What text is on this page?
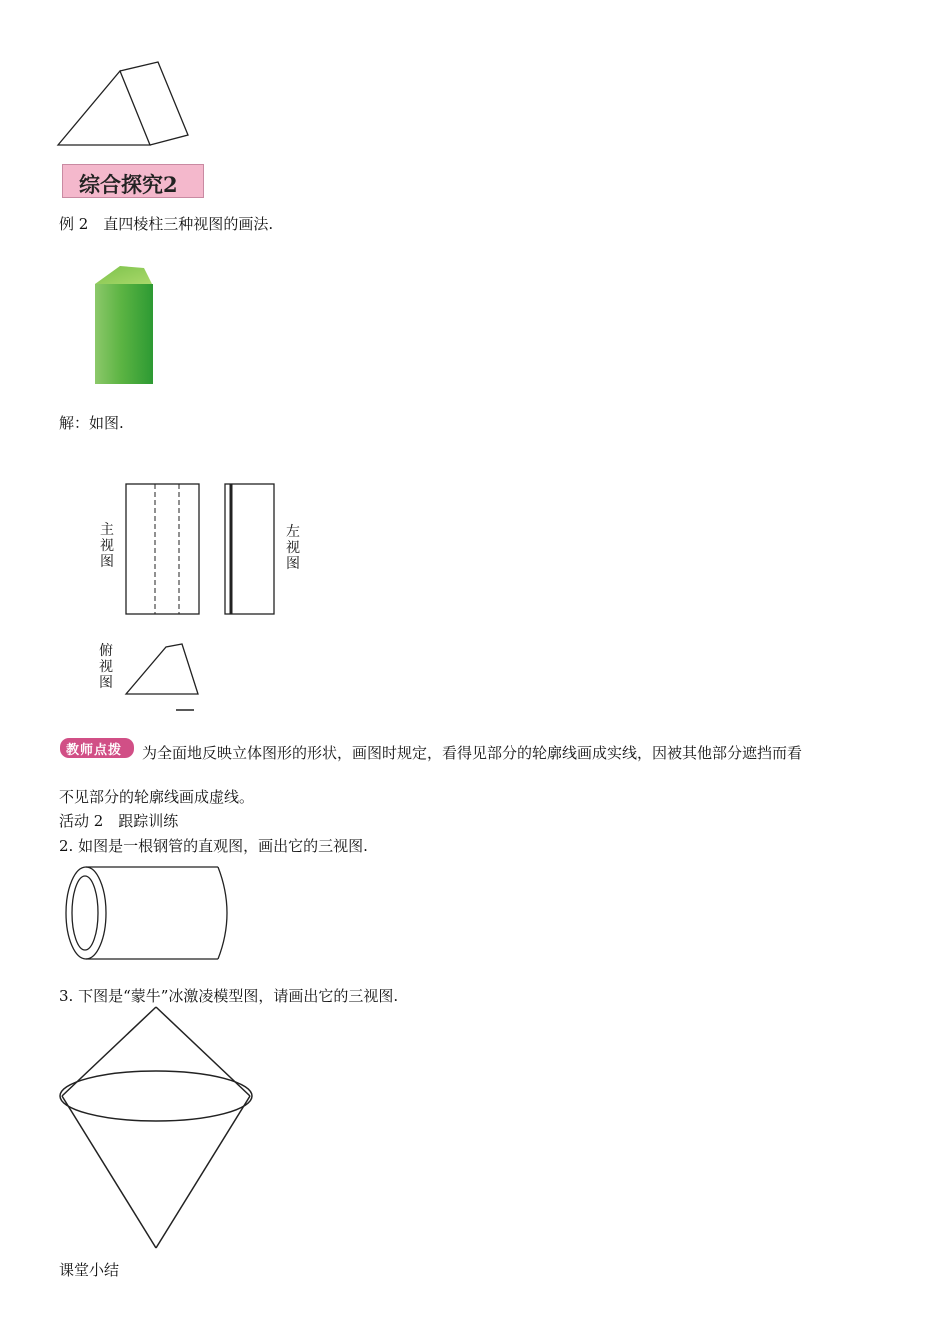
综合探究2
例 2　直四棱柱三种视图的画法.
解：如图.
主视图
左视图
俯视图
教师点拨 为全面地反映立体图形的形状，画图时规定，看得见部分的轮廓线画成实线，因被其他部分遮挡而看
不见部分的轮廓线画成虚线。
活动 2　跟踪训练
2. 如图是一根钢管的直观图，画出它的三视图.
3. 下图是“蒙牛”冰激凌模型图，请画出它的三视图.
课堂小结
